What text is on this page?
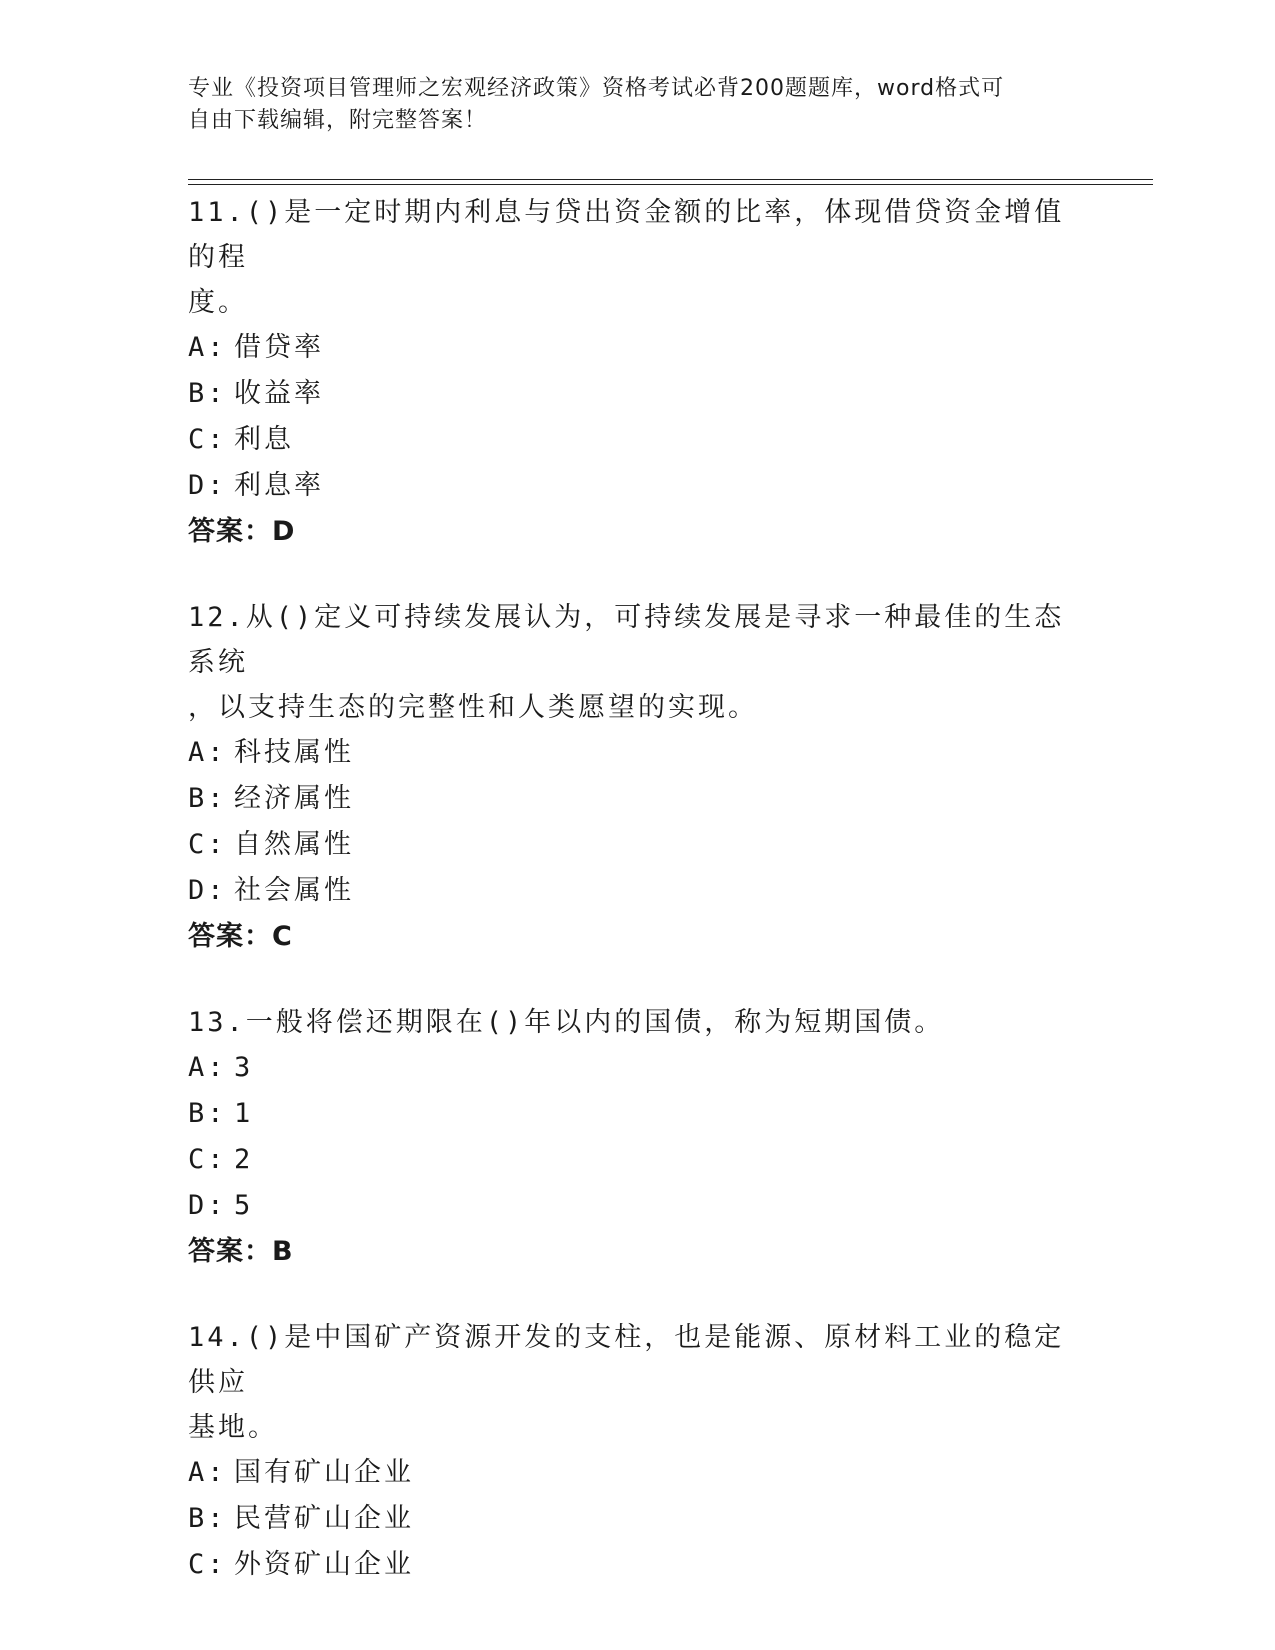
专业《投资项目管理师之宏观经济政策》资格考试必背200题题库，word格式可
自由下载编辑，附完整答案！
11.()是一定时期内利息与贷出资金额的比率，体现借贷资金增值的程
度。
A: 借贷率
B: 收益率
C: 利息
D: 利息率
答案：D
12.从()定义可持续发展认为，可持续发展是寻求一种最佳的生态系统
，以支持生态的完整性和人类愿望的实现。
A: 科技属性
B: 经济属性
C: 自然属性
D: 社会属性
答案：C
13.一般将偿还期限在()年以内的国债，称为短期国债。
A: 3
B: 1
C: 2
D: 5
答案：B
14.()是中国矿产资源开发的支柱，也是能源、原材料工业的稳定供应
基地。
A: 国有矿山企业
B: 民营矿山企业
C: 外资矿山企业
